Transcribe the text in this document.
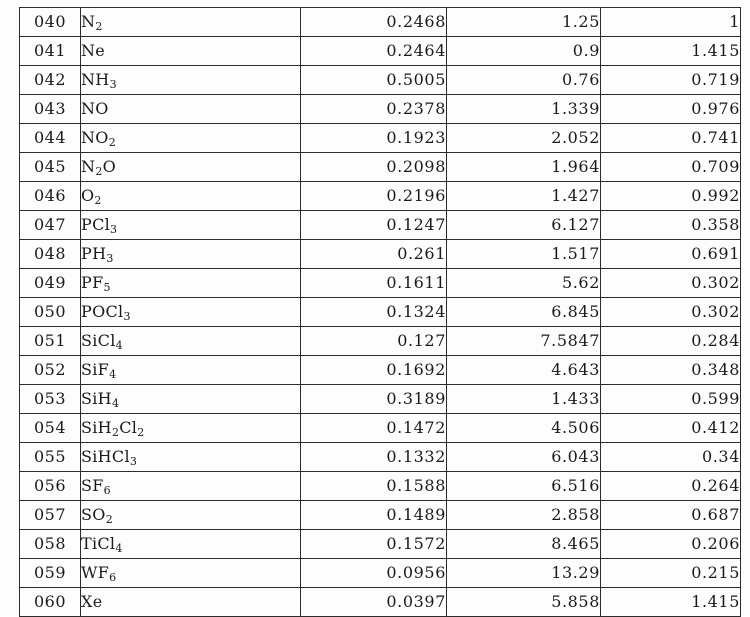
040	$N_2$	0.2468	1.25	1
041	Ne	0.2464	0.9	1.415
042	$NH_3$	0.5005	0.76	0.719
043	NO	0.2378	1.339	0.976
044	$NO_2$	0.1923	2.052	0.741
045	$N_2O$	0.2098	1.964	0.709
046	$O_2$	0.2196	1.427	0.992
047	PCl$_3$	0.1247	6.127	0.358
048	$PH_3$	0.261	1.517	0.691
049	$PF_5$	0.1611	5.62	0.302
050	POCl$_3$	0.1324	6.845	0.302
051	SiCl$_4$	0.127	7.5847	0.284
052	SiF$_4$	0.1692	4.643	0.348
053	SiH$_4$	0.3189	1.433	0.599
054	$SiH_2Cl_2$	0.1472	4.506	0.412
055	SiHCl$_3$	0.1332	6.043	0.34
056	$SF_6$	0.1588	6.516	0.264
057	$SO_2$	0.1489	2.858	0.687
058	TiCl$_4$	0.1572	8.465	0.206
059	$WF_6$	0.0956	13.29	0.215
060	Xe	0.0397	5.858	1.415
